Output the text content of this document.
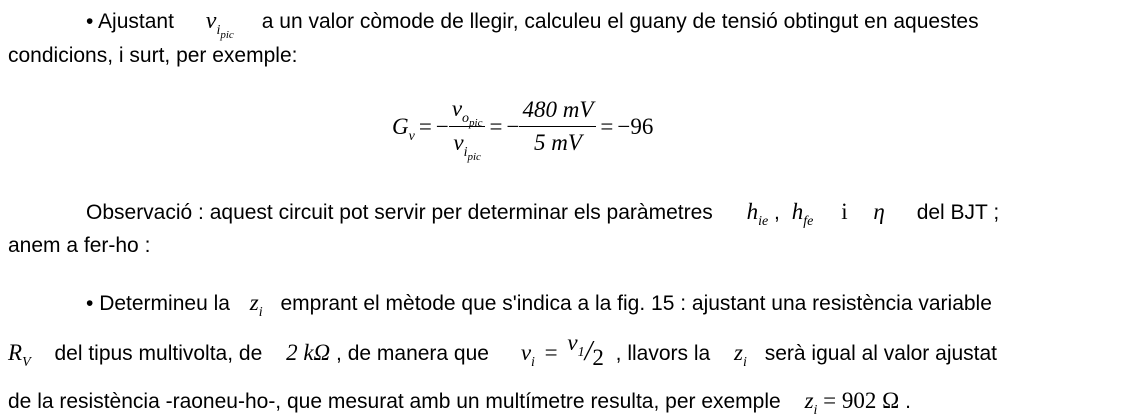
• Ajustant $v_{i_{pic}}$ a un valor còmode de llegir, calculeu el guany de tensió obtingut en aquestes
condicions, i surt, per exemple:
$G_v$ = − $\frac{v_{o_{pic}}}{v_{i_{pic}}}$ = − $\frac{480 mV}{5 mV} = -96$
Observació : aquest circuit pot servir per determinar els paràmetres $h_{ie}$ , $h_{fe}$ i η del BJT ;
anem a fer-ho :
• Determineu la $z_i$ emprant el mètode que s'indica a la fig. 15 : ajustant una resistència variable
$R_V$ del tipus multivolta, de 2 kΩ , de manera que $v_i = v_1/2$ , llavors la $z_i$ serà igual al valor ajustat
de la resistència -raoneu-ho-, que mesurat amb un multímetre resulta, per exemple $z_i = 902$ Ω .
